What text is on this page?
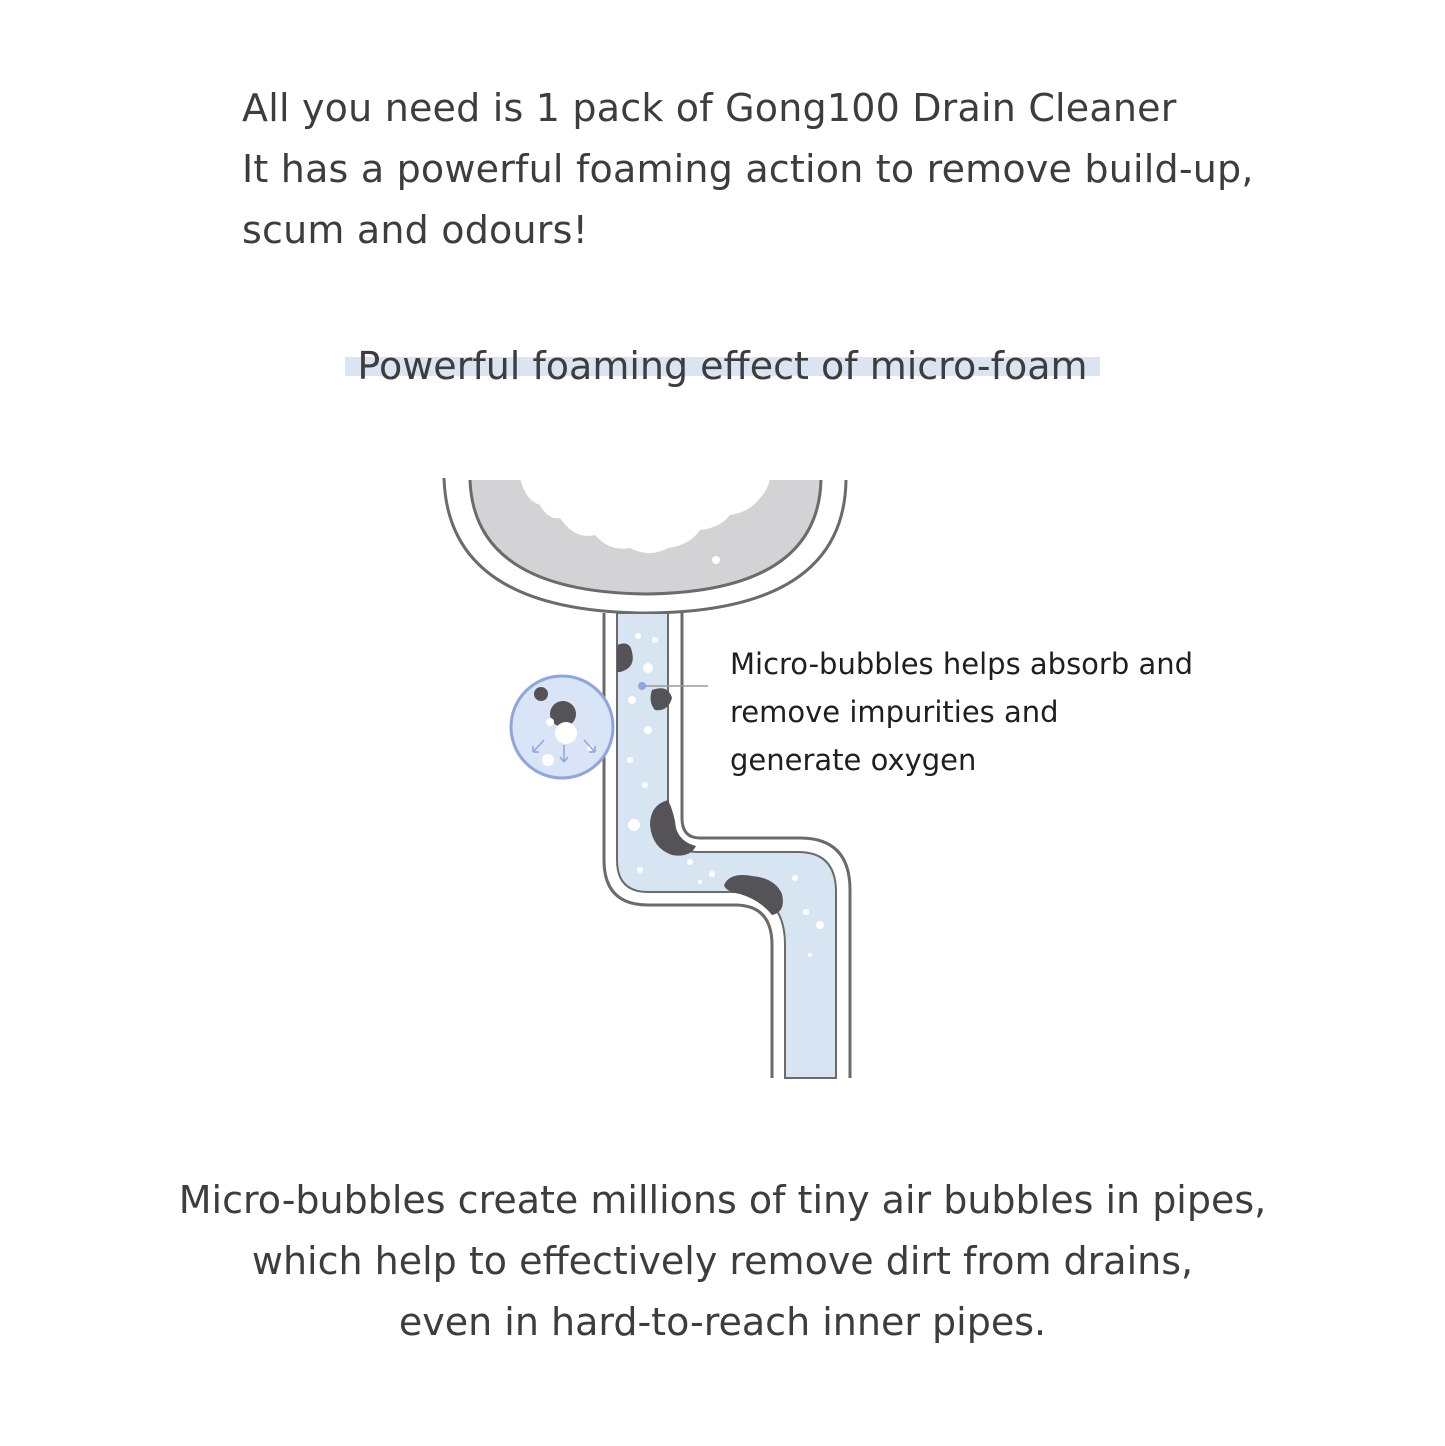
All you need is 1 pack of Gong100 Drain Cleaner
It has a powerful foaming action to remove build-up,
scum and odours!
Powerful foaming effect of micro-foam
Micro-bubbles helps absorb and
remove impurities and
generate oxygen
Micro-bubbles create millions of tiny air bubbles in pipes,
which help to effectively remove dirt from drains,
even in hard-to-reach inner pipes.
